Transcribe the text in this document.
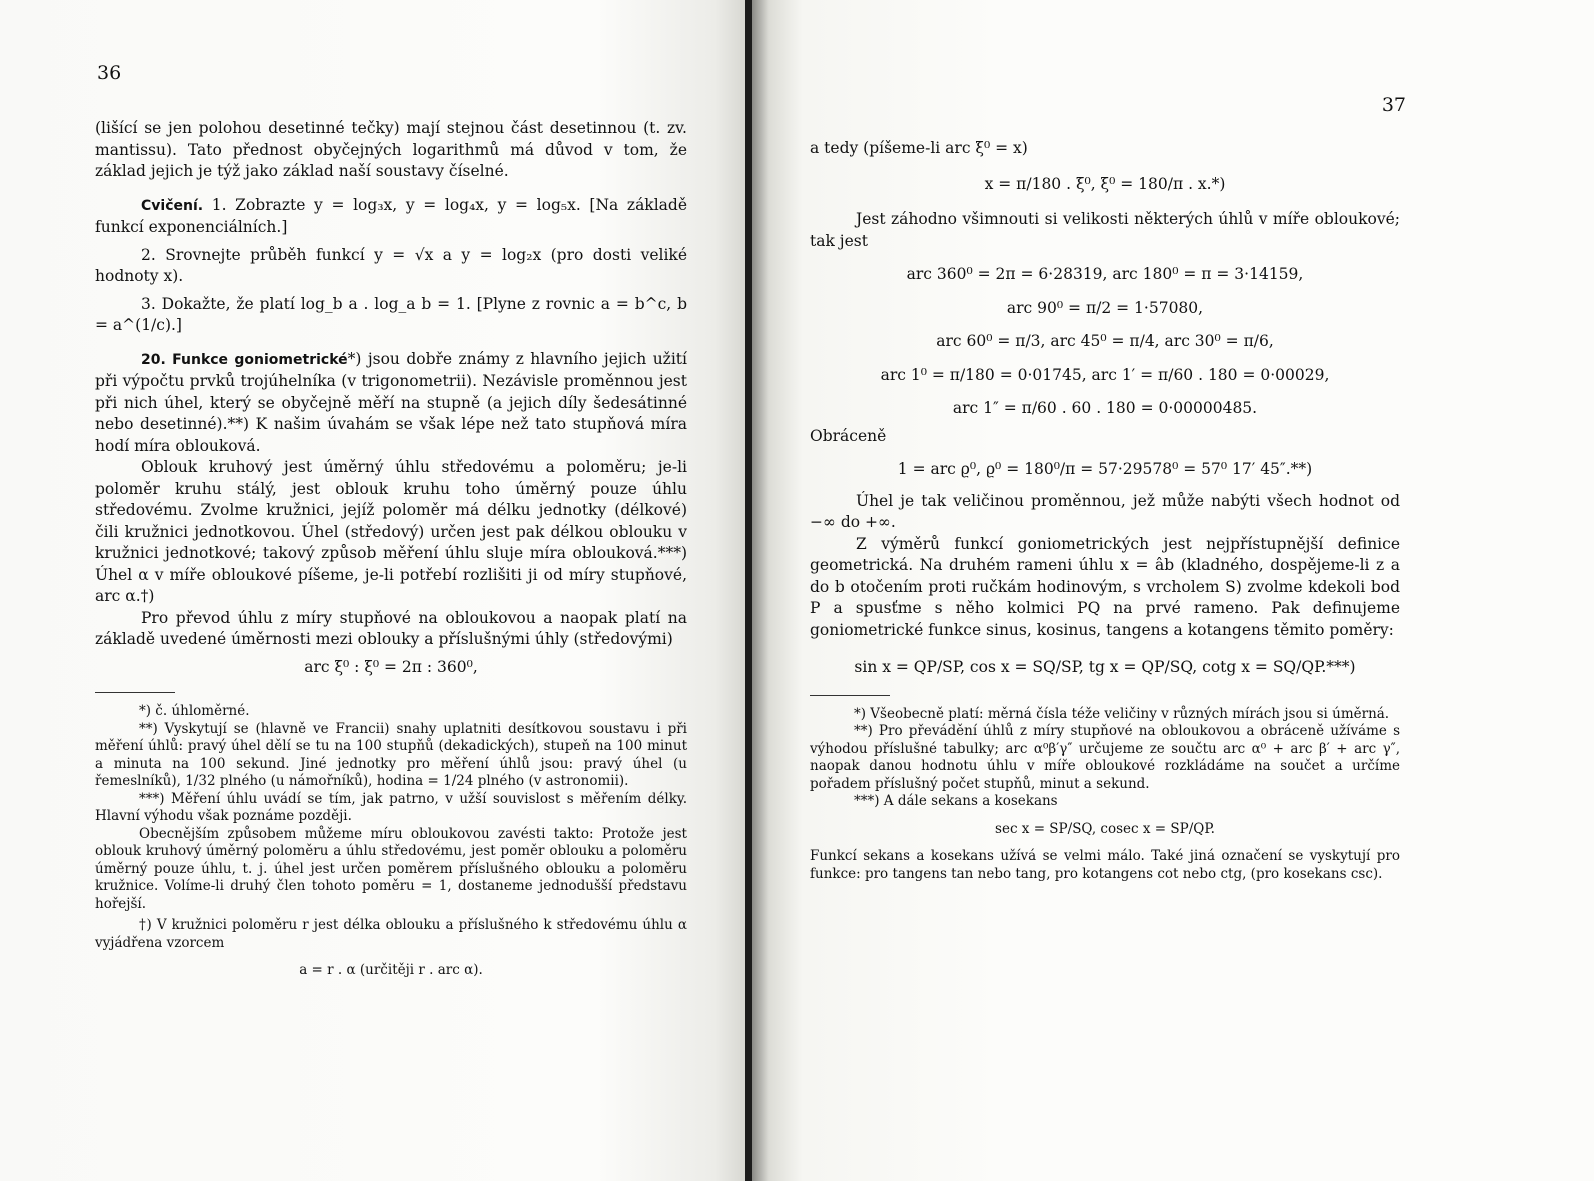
36

(lišící se jen polohou desetinné tečky) mají stejnou část desetinnou (t. zv. mantissu). Tato přednost obyčejných logarithmů má důvod v tom, že základ jejich je týž jako základ naší soustavy číselné.

Cvičení. 1. Zobrazte y = log₃x, y = log₄x, y = log₅x. [Na základě funkcí exponenciálních.]

2. Srovnejte průběh funkcí y = √x a y = log₂x (pro dosti veliké hodnoty x).

3. Dokažte, že platí log_b a . log_a b = 1. [Plyne z rovnic a = b^c, b = a^(1/c).]

20. Funkce goniometrické*) jsou dobře známy z hlavního jejich užití při výpočtu prvků trojúhelníka (v trigonometrii). Nezávisle proměnnou jest při nich úhel, který se obyčejně měří na stupně (a jejich díly šedesátinné nebo desetinné).**) K našim úvahám se však lépe než tato stupňová míra hodí míra oblouková.

Oblouk kruhový jest úměrný úhlu středovému a poloměru; je-li poloměr kruhu stálý, jest oblouk kruhu toho úměrný pouze úhlu středovému. Zvolme kružnici, jejíž poloměr má délku jednotky (délkové) čili kružnici jednotkovou. Úhel (středový) určen jest pak délkou oblouku v kružnici jednotkové; takový způsob měření úhlu sluje míra oblouková.***) Úhel α v míře obloukové píšeme, je-li potřebí rozlišiti ji od míry stupňové, arc α.†)

Pro převod úhlu z míry stupňové na obloukovou a naopak platí na základě uvedené úměrnosti mezi oblouky a příslušnými úhly (středovými)

arc ξ⁰ : ξ⁰ = 2π : 360⁰,

*) č. úhloměrné.

**) Vyskytují se (hlavně ve Francii) snahy uplatniti desítkovou soustavu i při měření úhlů: pravý úhel dělí se tu na 100 stupňů (dekadických), stupeň na 100 minut a minuta na 100 sekund. Jiné jednotky pro měření úhlů jsou: pravý úhel (u řemeslníků), 1/32 plného (u námořníků), hodina = 1/24 plného (v astronomii).

***) Měření úhlu uvádí se tím, jak patrno, v užší souvislost s měřením délky. Hlavní výhodu však poznáme později.

Obecnějším způsobem můžeme míru obloukovou zavésti takto: Protože jest oblouk kruhový úměrný poloměru a úhlu středovému, jest poměr oblouku a poloměru úměrný pouze úhlu, t. j. úhel jest určen poměrem příslušného oblouku a poloměru kružnice. Volíme-li druhý člen tohoto poměru = 1, dostaneme jednodušší představu hořejší.

†) V kružnici poloměru r jest délka oblouku a příslušného k středovému úhlu α vyjádřena vzorcem

a = r . α (určitěji r . arc α).

37

a tedy (píšeme-li arc ξ⁰ = x)

x = π/180 . ξ⁰, ξ⁰ = 180/π . x.*)

Jest záhodno všimnouti si velikosti některých úhlů v míře obloukové; tak jest

arc 360⁰ = 2π = 6·28319, arc 180⁰ = π = 3·14159,

arc 90⁰ = π/2 = 1·57080,

arc 60⁰ = π/3, arc 45⁰ = π/4, arc 30⁰ = π/6,

arc 1⁰ = π/180 = 0·01745, arc 1′ = π/60 . 180 = 0·00029,

arc 1″ = π/60 . 60 . 180 = 0·00000485.

Obráceně

1 = arc ϱ⁰, ϱ⁰ = 180⁰/π = 57·29578⁰ = 57⁰ 17′ 45″.**)

Úhel je tak veličinou proměnnou, jež může nabýti všech hodnot od −∞ do +∞.

Z výměrů funkcí goniometrických jest nejpřístupnější definice geometrická. Na druhém rameni úhlu x = âb (kladného, dospějeme-li z a do b otočením proti ručkám hodinovým, s vrcholem S) zvolme kdekoli bod P a spusťme s něho kolmici PQ na prvé rameno. Pak definujeme goniometrické funkce sinus, kosinus, tangens a kotangens těmito poměry:

sin x = QP/SP, cos x = SQ/SP, tg x = QP/SQ, cotg x = SQ/QP.***)

*) Všeobecně platí: měrná čísla téže veličiny v různých mírách jsou si úměrná.

**) Pro převádění úhlů z míry stupňové na obloukovou a obráceně užíváme s výhodou příslušné tabulky; arc α⁰β′γ″ určujeme ze součtu arc α⁰ + arc β′ + arc γ″, naopak danou hodnotu úhlu v míře obloukové rozkládáme na součet a určíme pořadem příslušný počet stupňů, minut a sekund.

***) A dále sekans a kosekans

sec x = SP/SQ, cosec x = SP/QP.

Funkcí sekans a kosekans užívá se velmi málo. Také jiná označení se vyskytují pro funkce: pro tangens tan nebo tang, pro kotangens cot nebo ctg, (pro kosekans csc).
